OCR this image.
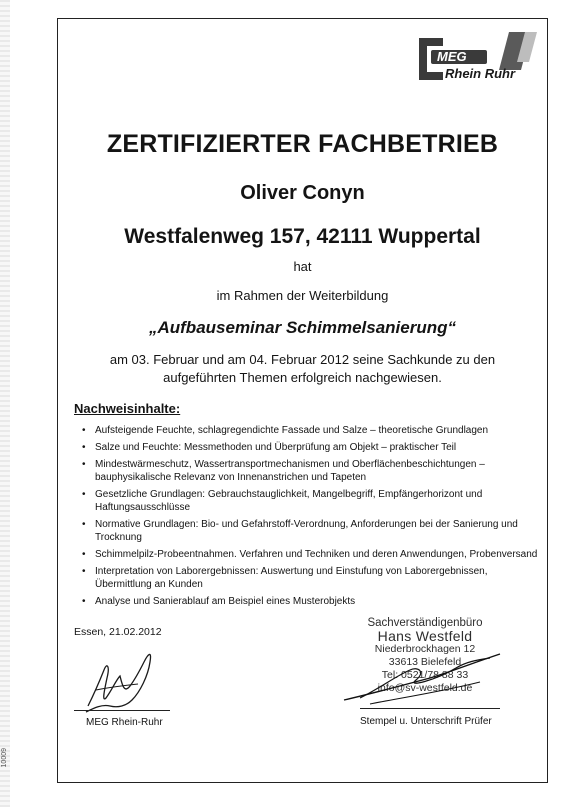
10009
MEG
Rhein Ruhr
ZERTIFIZIERTER FACHBETRIEB
Oliver Conyn
Westfalenweg 157, 42111 Wuppertal
hat
im Rahmen der Weiterbildung
„Aufbauseminar Schimmelsanierung“
am 03. Februar und am 04. Februar 2012 seine Sachkunde zu den aufgeführten Themen erfolgreich nachgewiesen.
Nachweisinhalte:
• Aufsteigende Feuchte, schlagregendichte Fassade und Salze – theoretische Grundlagen
• Salze und Feuchte: Messmethoden und Überprüfung am Objekt – praktischer Teil
• Mindestwärmeschutz, Wassertransportmechanismen und Oberflächenbeschichtungen – bauphysikalische Relevanz von Innenanstrichen und Tapeten
• Gesetzliche Grundlagen: Gebrauchstauglichkeit, Mangelbegriff, Empfängerhorizont und Haftungsausschlüsse
• Normative Grundlagen: Bio- und Gefahrstoff-Verordnung, Anforderungen bei der Sanierung und Trocknung
• Schimmelpilz-Probeentnahmen. Verfahren und Techniken und deren Anwendungen, Probenversand
• Interpretation von Laborergebnissen: Auswertung und Einstufung von Laborergebnissen, Übermittlung an Kunden
• Analyse und Sanierablauf am Beispiel eines Musterobjekts
Essen, 21.02.2012
MEG Rhein-Ruhr
Sachverständigenbüro
Hans Westfeld
Niederbrockhagen 12
33613 Bielefeld
Tel: 0521/78 88 33
info@sv-westfeld.de
Stempel u. Unterschrift Prüfer
